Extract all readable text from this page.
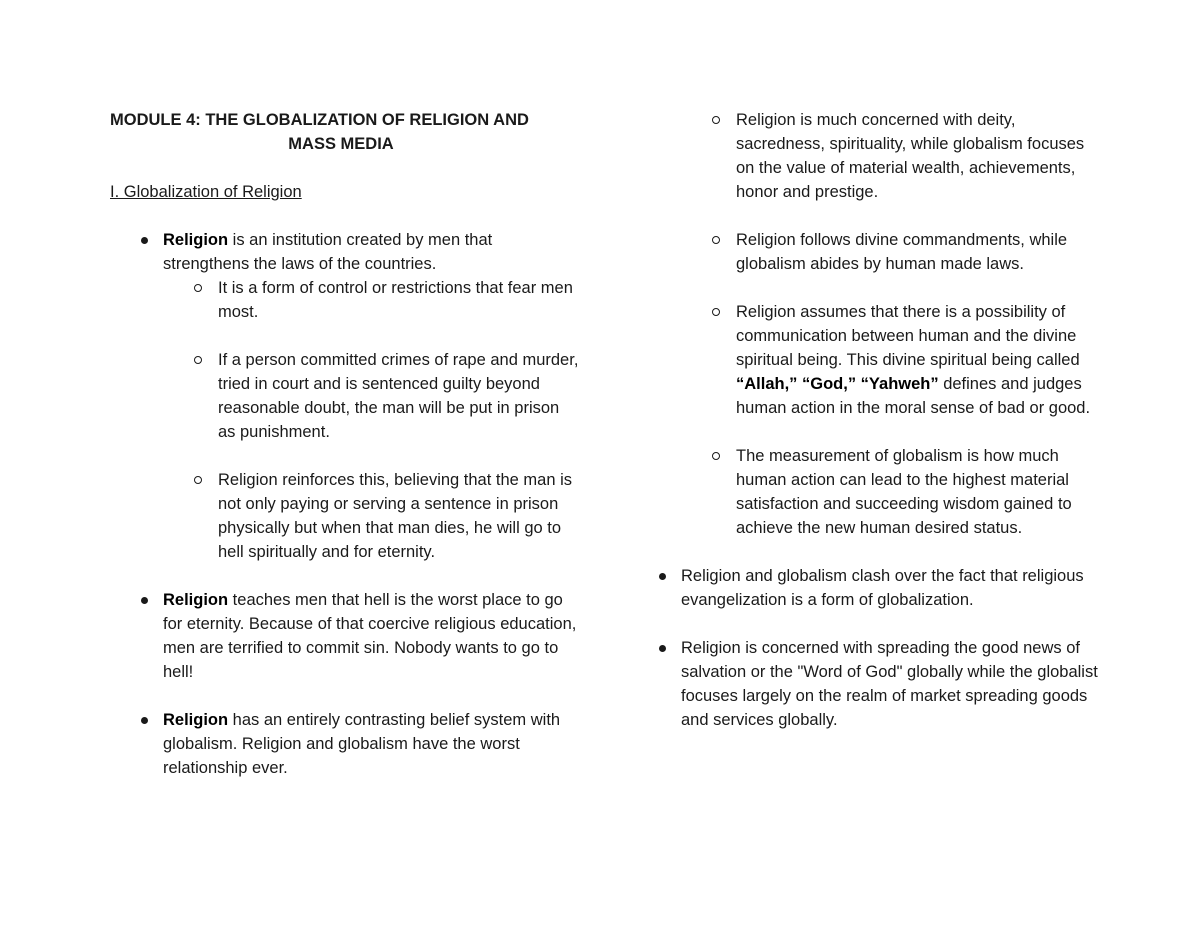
MODULE 4: THE GLOBALIZATION OF RELIGION AND
MASS MEDIA
I. Globalization of Religion
Religion is an institution created by men that strengthens the laws of the countries.
It is a form of control or restrictions that fear men most.
If a person committed crimes of rape and murder, tried in court and is sentenced guilty beyond reasonable doubt, the man will be put in prison as punishment.
Religion reinforces this, believing that the man is not only paying or serving a sentence in prison physically but when that man dies, he will go to hell spiritually and for eternity.
Religion teaches men that hell is the worst place to go for eternity. Because of that coercive religious education, men are terrified to commit sin. Nobody wants to go to hell!
Religion has an entirely contrasting belief system with globalism. Religion and globalism have the worst relationship ever.
Religion is much concerned with deity, sacredness, spirituality, while globalism focuses on the value of material wealth, achievements, honor and prestige.
Religion follows divine commandments, while globalism abides by human made laws.
Religion assumes that there is a possibility of communication between human and the divine spiritual being. This divine spiritual being called “Allah,” “God,” “Yahweh” defines and judges human action in the moral sense of bad or good.
The measurement of globalism is how much human action can lead to the highest material satisfaction and succeeding wisdom gained to achieve the new human desired status.
Religion and globalism clash over the fact that religious evangelization is a form of globalization.
Religion is concerned with spreading the good news of salvation or the "Word of God" globally while the globalist focuses largely on the realm of market spreading goods and services globally.
